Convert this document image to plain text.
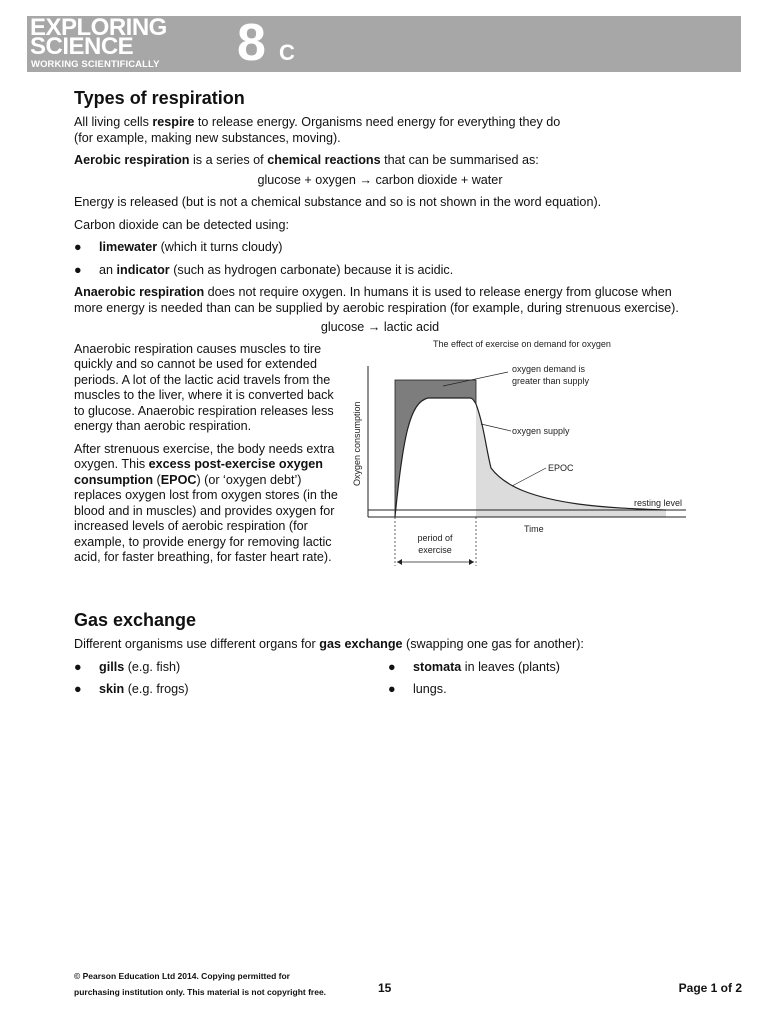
EXPLORING
SCIENCE
WORKING SCIENTIFICALLY 8 C
Types of respiration

All living cells respire to release energy. Organisms need energy for everything they do
(for example, making new substances, moving).

Aerobic respiration is a series of chemical reactions that can be summarised as:

glucose + oxygen → carbon dioxide + water

Energy is released (but is not a chemical substance and so is not shown in the word equation).

Carbon dioxide can be detected using:

● limewater (which it turns cloudy)

● an indicator (such as hydrogen carbonate) because it is acidic.

Anaerobic respiration does not require oxygen. In humans it is used to release energy from glucose when more energy is needed than can be supplied by aerobic respiration (for example, during strenuous exercise).

glucose → lactic acid

Anaerobic respiration causes muscles to tire quickly and so cannot be used for extended periods. A lot of the lactic acid travels from the muscles to the liver, where it is converted back to glucose. Anaerobic respiration releases less energy than aerobic respiration.

After strenuous exercise, the body needs extra oxygen. This excess post-exercise oxygen consumption (EPOC) (or ‘oxygen debt’) replaces oxygen lost from oxygen stores (in the blood and in muscles) and provides oxygen for increased levels of aerobic respiration (for example, to provide energy for removing lactic acid, for faster breathing, for faster heart rate).

The effect of exercise on demand for oxygen
Oxygen consumption
Time
oxygen demand is
greater than supply
oxygen supply
EPOC
resting level
period of
exercise
Gas exchange

Different organisms use different organs for gas exchange (swapping one gas for another):

● gills (e.g. fish)

● skin (e.g. frogs)

● stomata in leaves (plants)

● lungs.

© Pearson Education Ltd 2014. Copying permitted for
purchasing institution only. This material is not copyright free.	15	Page 1 of 2
